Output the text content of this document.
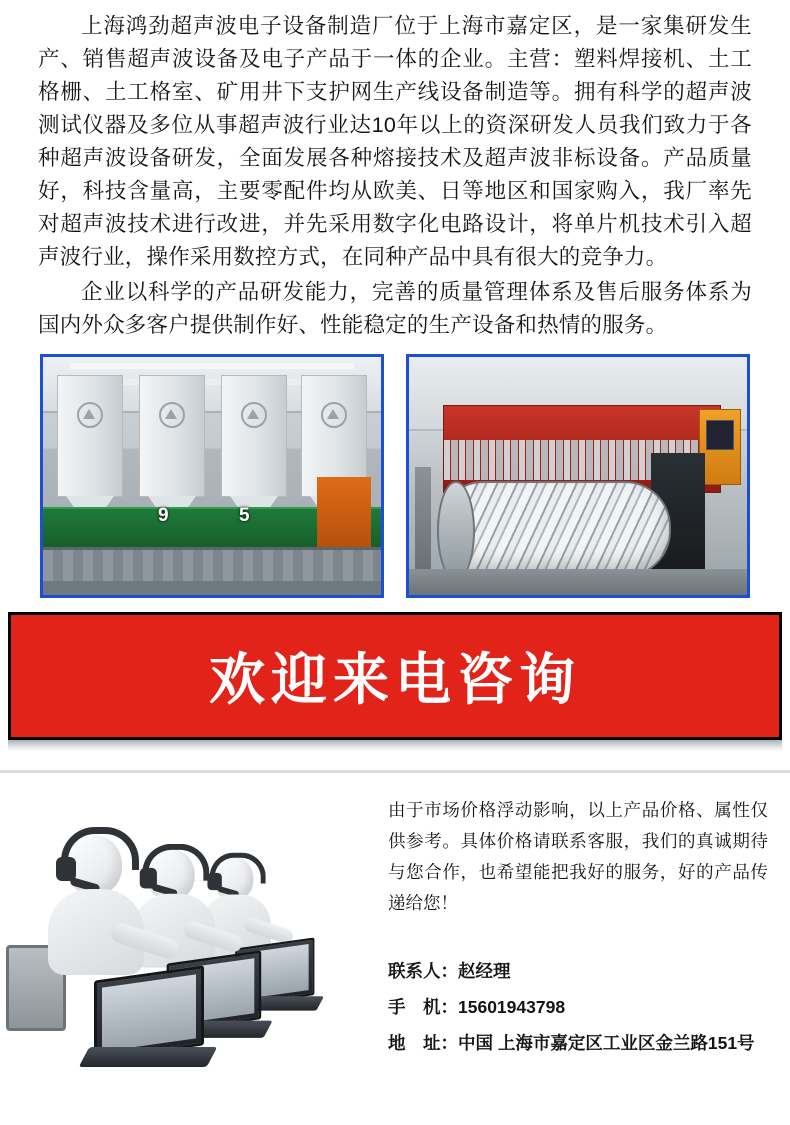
上海鸿劲超声波电子设备制造厂位于上海市嘉定区，是一家集研发生产、销售超声波设备及电子产品于一体的企业。主营：塑料焊接机、土工格栅、土工格室、矿用井下支护网生产线设备制造等。拥有科学的超声波测试仪器及多位从事超声波行业达10年以上的资深研发人员我们致力于各种超声波设备研发，全面发展各种熔接技术及超声波非标设备。产品质量好，科技含量高，主要零配件均从欧美、日等地区和国家购入，我厂率先对超声波技术进行改进，并先采用数字化电路设计，将单片机技术引入超声波行业，操作采用数控方式，在同种产品中具有很大的竞争力。

企业以科学的产品研发能力，完善的质量管理体系及售后服务体系为国内外众多客户提供制作好、性能稳定的生产设备和热情的服务。

9	5
欢迎来电咨询

由于市场价格浮动影响，以上产品价格、属性仅供参考。具体价格请联系客服，我们的真诚期待与您合作，也希望能把我好的服务，好的产品传递给您！

联系人：赵经理
手　机：15601943798
地　址：中国 上海市嘉定区工业区金兰路151号
